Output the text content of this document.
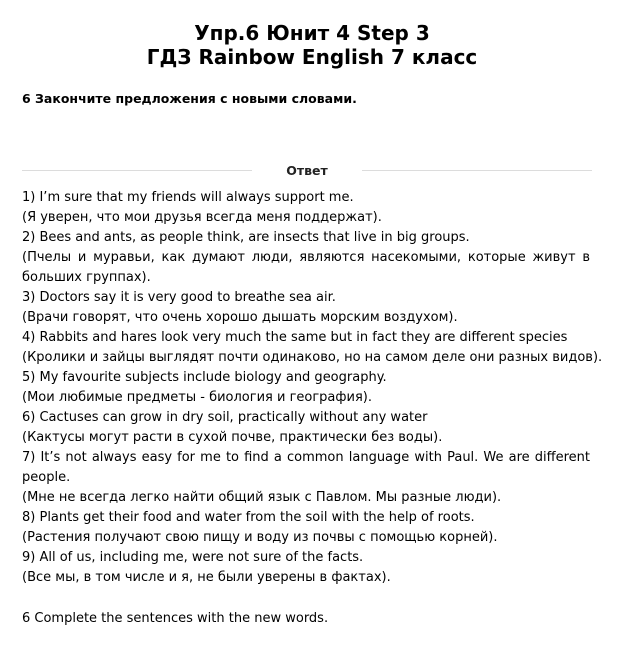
Упр.6 Юнит 4 Step 3
ГДЗ Rainbow English 7 класс
6 Закончите предложения с новыми словами.
Ответ
1) I’m sure that my friends will always support me.
(Я уверен, что мои друзья всегда меня поддержат).
2) Bees and ants, as people think, are insects that live in big groups.
(Пчелы и муравьи, как думают люди, являются насекомыми, которые живут в больших группах).
3) Doctors say it is very good to breathe sea air.
(Врачи говорят, что очень хорошо дышать морским воздухом).
4) Rabbits and hares look very much the same but in fact they are different species
(Кролики и зайцы выглядят почти одинаково, но на самом деле они разных видов).
5) My favourite subjects include biology and geography.
(Мои любимые предметы - биология и география).
6) Cactuses can grow in dry soil, practically without any water
(Кактусы могут расти в сухой почве, практически без воды).
7) It’s not always easy for me to find a common language with Paul. We are different people.
(Мне не всегда легко найти общий язык с Павлом. Мы разные люди).
8) Plants get their food and water from the soil with the help of roots.
(Растения получают свою пищу и воду из почвы с помощью корней).
9) All of us, including me, were not sure of the facts.
(Все мы, в том числе и я, не были уверены в фактах).
6 Complete the sentences with the new words.
